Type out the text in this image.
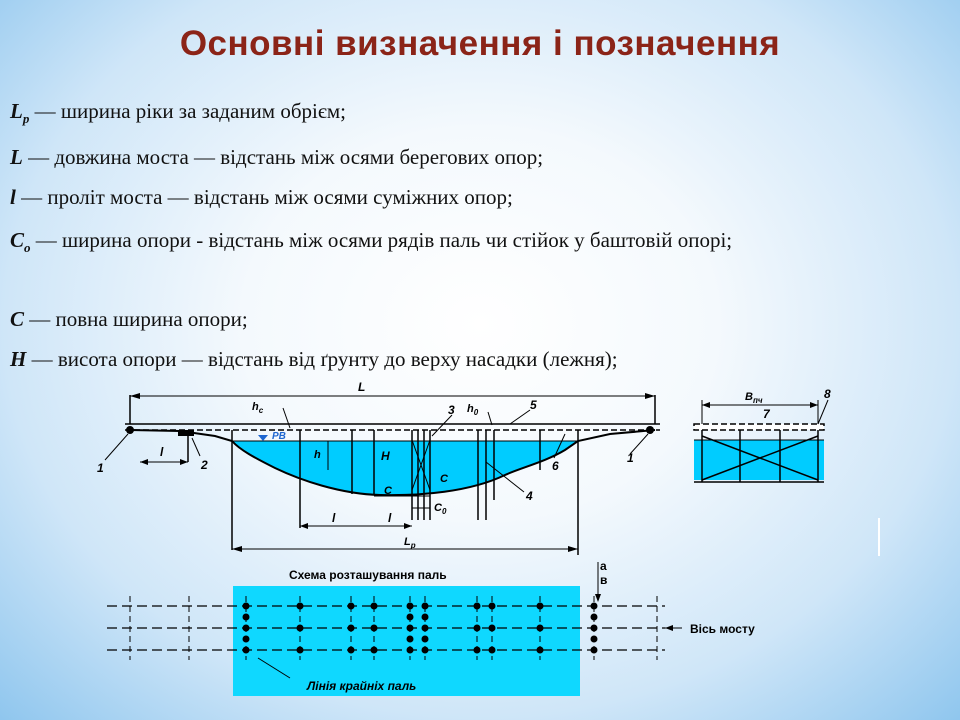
Основні визначення і позначення
$L_р$ — ширина ріки за заданим обрієм;
L — довжина моста — відстань між осями берегових опор;
l — проліт моста — відстань між осями суміжних опор;
$C_о$ — ширина опори - відстань між осями рядів паль чи стійок у баштовій опорі;
C — повна ширина опори;
H — висота опори — відстань від ґрунту до верху насадки (лежня);
L
$h_c$	$h_0$
РВ
h	H
C
C
$C_0$
l	l
l
$L_р$
1	2
3
4
5
6
1
$В_{пч}$
7
8
Схема розташування паль
Вісь мосту
a
в
Лінія крайніх паль
